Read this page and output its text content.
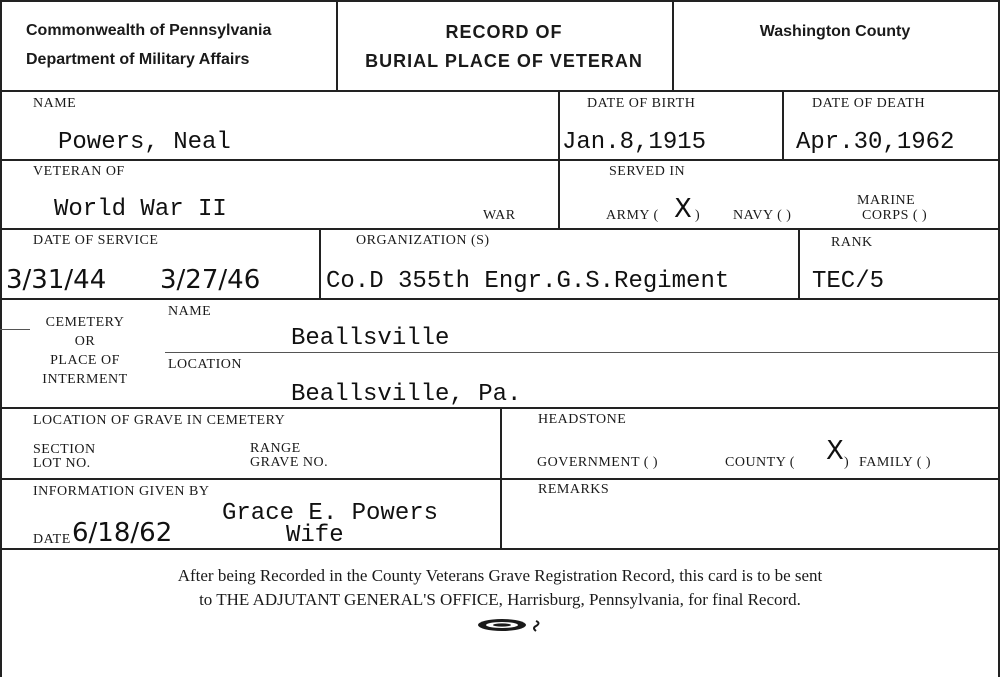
Commonwealth of Pennsylvania
Department of Military Affairs
RECORD OF
BURIAL PLACE OF VETERAN
Washington County
NAME
Powers, Neal
DATE OF BIRTH
Jan.8,1915
DATE OF DEATH
Apr.30,1962
VETERAN OF
World War II	WAR
SERVED IN
ARMY ( X ) NAVY ( )
MARINE
CORPS ( )
DATE OF SERVICE
3/31/44 3/27/46
ORGANIZATION (S)
Co.D 355th Engr.G.S.Regiment
RANK
TEC/5
CEMETERY
OR
PLACE OF
INTERMENT
NAME
Beallsville
LOCATION
Beallsville, Pa.
LOCATION OF GRAVE IN CEMETERY
SECTION
LOT NO.
RANGE
GRAVE NO.
HEADSTONE
GOVERNMENT ( )	COUNTY ( X ) FAMILY ( )
INFORMATION GIVEN BY
Grace E. Powers
Wife
DATE 6/18/62
REMARKS
After being Recorded in the County Veterans Grave Registration Record, this card is to be sent
to THE ADJUTANT GENERAL'S OFFICE, Harrisburg, Pennsylvania, for final Record.
